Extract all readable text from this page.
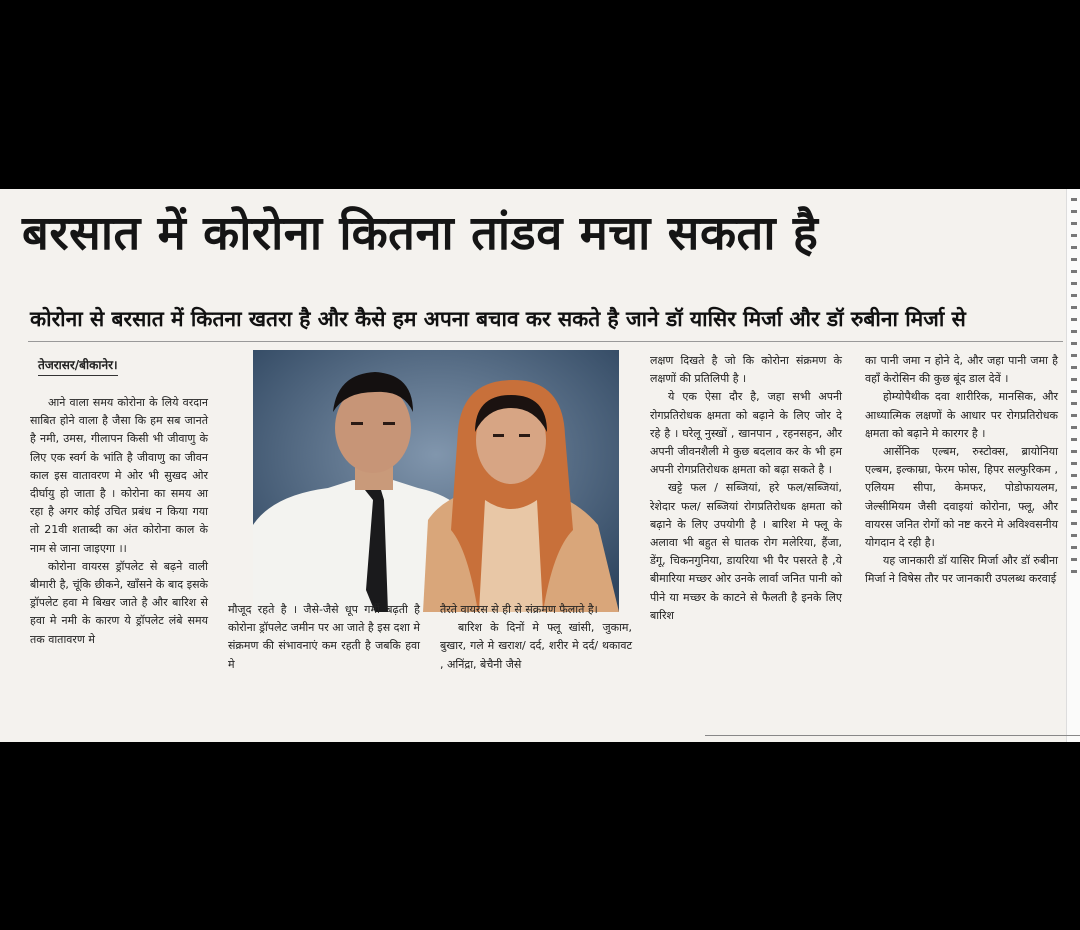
बरसात में कोरोना कितना तांडव मचा सकता है
कोरोना से बरसात में कितना खतरा है और कैसे हम अपना बचाव कर सकते है जाने डॉ यासिर मिर्जा और डॉ रुबीना मिर्जा से
तेजरासर/बीकानेर।

आने वाला समय कोरोना के लिये वरदान साबित होने वाला है जैसा कि हम सब जानते है नमी, उमस, गीलापन किसी भी जीवाणु के लिए एक स्वर्ग के भांति है जीवाणु का जीवन काल इस वातावरण मे ओर भी सुखद ओर दीर्घायु हो जाता है । कोरोना का समय आ रहा है अगर कोई उचित प्रबंध न किया गया तो 21वी शताब्दी का अंत कोरोना काल के नाम से जाना जाइएगा ।।

कोरोना वायरस ड्रॉपलेट से बढ़ने वाली बीमारी है, चूंकि छीकने, खाँसने के बाद इसके ड्रॉपलेट हवा मे बिखर जाते है और बारिश से हवा मे नमी के कारण ये ड्रॉपलेट लंबे समय तक वातावरण मे

मौजूद रहते है । जैसे-जैसे धूप गर्मी बढ़ती है कोरोना ड्रॉपलेट जमीन पर आ जाते है इस दशा मे संक्रमण की संभावनाएं कम रहती है जबकि हवा मे

तैरते वायरस से ही से संक्रमण फैलाते है।

बारिश के दिनों मे फ्लू खांसी, जुकाम, बुखार, गले मे खराश/ दर्द, शरीर मे दर्द/ थकावट , अनिंद्रा, बेचैनी जैसे

लक्षण दिखते है जो कि कोरोना संक्रमण के लक्षणों की प्रतिलिपी है ।

ये एक ऐसा दौर है, जहा सभी अपनी रोगप्रतिरोधक क्षमता को बढ़ाने के लिए जोर दे रहे है । घरेलू नुस्खों , खानपान , रहनसहन, और अपनी जीवनशैली मे कुछ बदलाव कर के भी हम अपनी रोगप्रतिरोधक क्षमता को बढ़ा सकते है ।

खट्टे फल / सब्जियां, हरे फल/सब्जियां, रेशेदार फल/ सब्जियां रोगप्रतिरोधक क्षमता को बढ़ाने के लिए उपयोगी है । बारिश मे फ्लू के अलावा भी बहुत से घातक रोग मलेरिया, हैंजा, डेंगू, चिकनगुनिया, डायरिया भी पैर पसरते है ,ये बीमारिया मच्छर ओर उनके लार्वा जनित पानी को पीने या मच्छर के काटने से फैलती है इनके लिए बारिश

का पानी जमा न होने दे, और जहा पानी जमा है वहाँ केरोसिन की कुछ बूंद डाल देवें ।

होम्योपैथीक दवा शारीरिक, मानसिक, और आध्यात्मिक लक्षणों के आधार पर रोगप्रतिरोधक क्षमता को बढ़ाने मे कारगर है ।

आर्सेनिक एल्बम, रुस्टोक्स, ब्रायोनिया एल्बम, इल्काम्रा, फेरम फोस, हिपर सल्फुरिकम , एलियम सीपा, केमफर, पोडोफायलम, जेल्सीमियम जैसी दवाइयां कोरोना, फ्लू, और वायरस जनित रोगों को नष्ट करने मे अविश्वसनीय योगदान दे रही है।

यह जानकारी डॉ यासिर मिर्जा और डॉ रुबीना मिर्जा ने विषेस तौर पर जानकारी उपलब्ध करवाई
